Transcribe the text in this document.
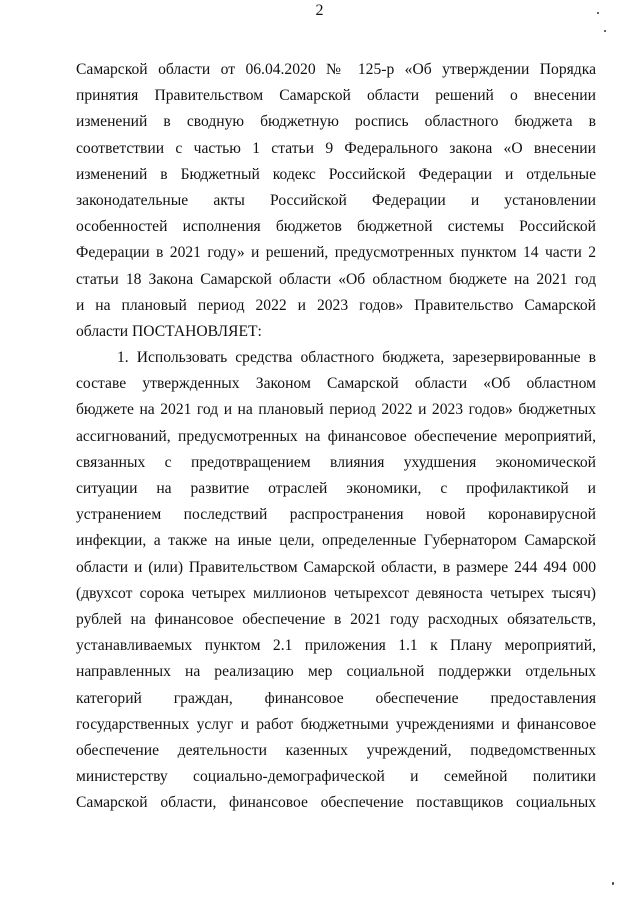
2
Самарской области от 06.04.2020 № 125-р «Об утверждении Порядка
принятия Правительством Самарской области решений о внесении
изменений в сводную бюджетную роспись областного бюджета в
соответствии с частью 1 статьи 9 Федерального закона «О внесении
изменений в Бюджетный кодекс Российской Федерации и отдельные
законодательные акты Российской Федерации и установлении
особенностей исполнения бюджетов бюджетной системы Российской
Федерации в 2021 году» и решений, предусмотренных пунктом 14 части 2
статьи 18 Закона Самарской области «Об областном бюджете на 2021 год
и на плановый период 2022 и 2023 годов» Правительство Самарской
области ПОСТАНОВЛЯЕТ:
1. Использовать средства областного бюджета, зарезервированные в
составе утвержденных Законом Самарской области «Об областном
бюджете на 2021 год и на плановый период 2022 и 2023 годов» бюджетных
ассигнований, предусмотренных на финансовое обеспечение мероприятий,
связанных с предотвращением влияния ухудшения экономической
ситуации на развитие отраслей экономики, с профилактикой и
устранением последствий распространения новой коронавирусной
инфекции, а также на иные цели, определенные Губернатором Самарской
области и (или) Правительством Самарской области, в размере 244 494 000
(двухсот сорока четырех миллионов четырехсот девяноста четырех тысяч)
рублей на финансовое обеспечение в 2021 году расходных обязательств,
устанавливаемых пунктом 2.1 приложения 1.1 к Плану мероприятий,
направленных на реализацию мер социальной поддержки отдельных
категорий граждан, финансовое обеспечение предоставления
государственных услуг и работ бюджетными учреждениями и финансовое
обеспечение деятельности казенных учреждений, подведомственных
министерству социально-демографической и семейной политики
Самарской области, финансовое обеспечение поставщиков социальных
